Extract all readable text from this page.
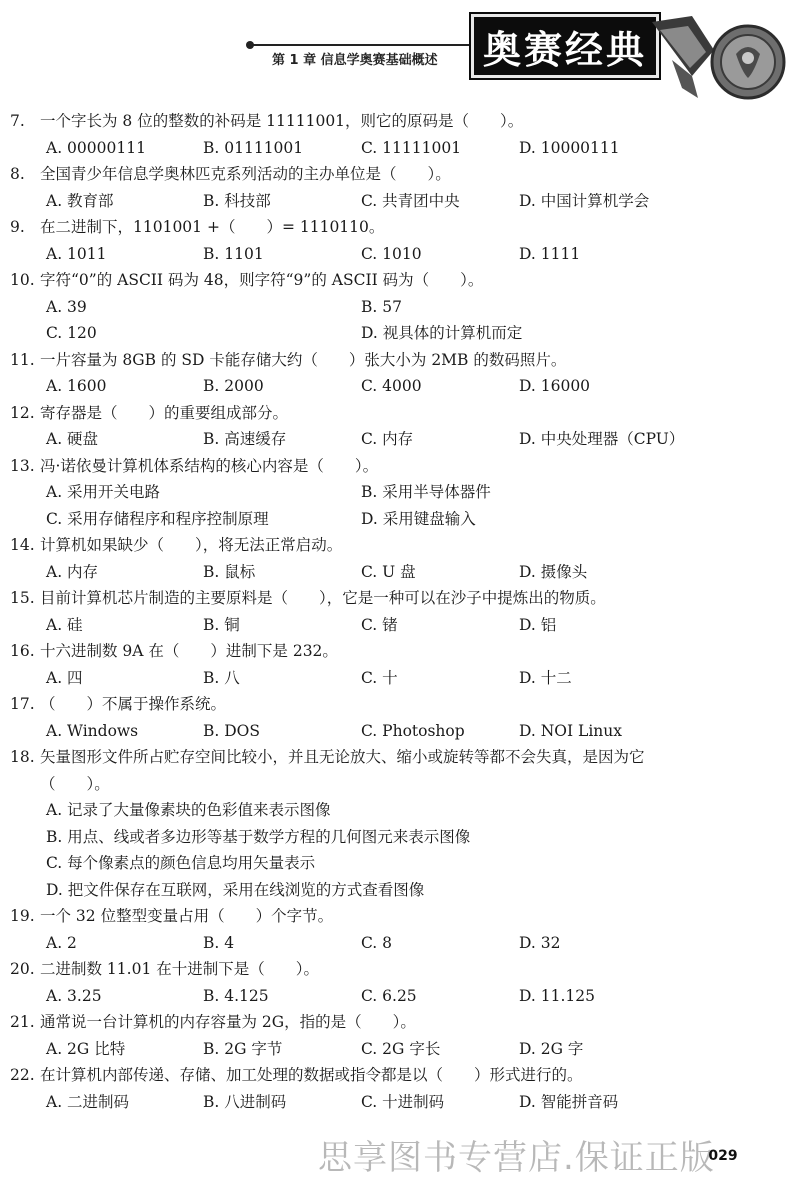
第 1 章 信息学奥赛基础概述 奥赛经典
7. 一个字长为 8 位的整数的补码是 11111001，则它的原码是（　　）。
A. 00000111	B. 01111001	C. 11111001	D. 10000111
8. 全国青少年信息学奥林匹克系列活动的主办单位是（　　）。
A. 教育部	B. 科技部	C. 共青团中央	D. 中国计算机学会
9. 在二进制下，1101001 +（　　）= 1110110。
A. 1011	B. 1101	C. 1010	D. 1111
10. 字符“0”的 ASCII 码为 48，则字符“9”的 ASCII 码为（　　）。
A. 39	B. 57
C. 120	D. 视具体的计算机而定
11. 一片容量为 8GB 的 SD 卡能存储大约（　　）张大小为 2MB 的数码照片。
A. 1600	B. 2000	C. 4000	D. 16000
12. 寄存器是（　　）的重要组成部分。
A. 硬盘	B. 高速缓存	C. 内存	D. 中央处理器（CPU）
13. 冯·诺依曼计算机体系结构的核心内容是（　　）。
A. 采用开关电路	B. 采用半导体器件
C. 采用存储程序和程序控制原理	D. 采用键盘输入
14. 计算机如果缺少（　　），将无法正常启动。
A. 内存	B. 鼠标	C. U 盘	D. 摄像头
15. 目前计算机芯片制造的主要原料是（　　），它是一种可以在沙子中提炼出的物质。
A. 硅	B. 铜	C. 锗	D. 铝
16. 十六进制数 9A 在（　　）进制下是 232。
A. 四	B. 八	C. 十	D. 十二
17. （　　）不属于操作系统。
A. Windows	B. DOS	C. Photoshop	D. NOI Linux
18. 矢量图形文件所占贮存空间比较小，并且无论放大、缩小或旋转等都不会失真，是因为它
（　　）。
A. 记录了大量像素块的色彩值来表示图像
B. 用点、线或者多边形等基于数学方程的几何图元来表示图像
C. 每个像素点的颜色信息均用矢量表示
D. 把文件保存在互联网，采用在线浏览的方式查看图像
19. 一个 32 位整型变量占用（　　）个字节。
A. 2	B. 4	C. 8	D. 32
20. 二进制数 11.01 在十进制下是（　　）。
A. 3.25	B. 4.125	C. 6.25	D. 11.125
21. 通常说一台计算机的内存容量为 2G，指的是（　　）。
A. 2G 比特	B. 2G 字节	C. 2G 字长	D. 2G 字
22. 在计算机内部传递、存储、加工处理的数据或指令都是以（　　）形式进行的。
A. 二进制码	B. 八进制码	C. 十进制码	D. 智能拼音码
思享图书专营店.保证正版
029
